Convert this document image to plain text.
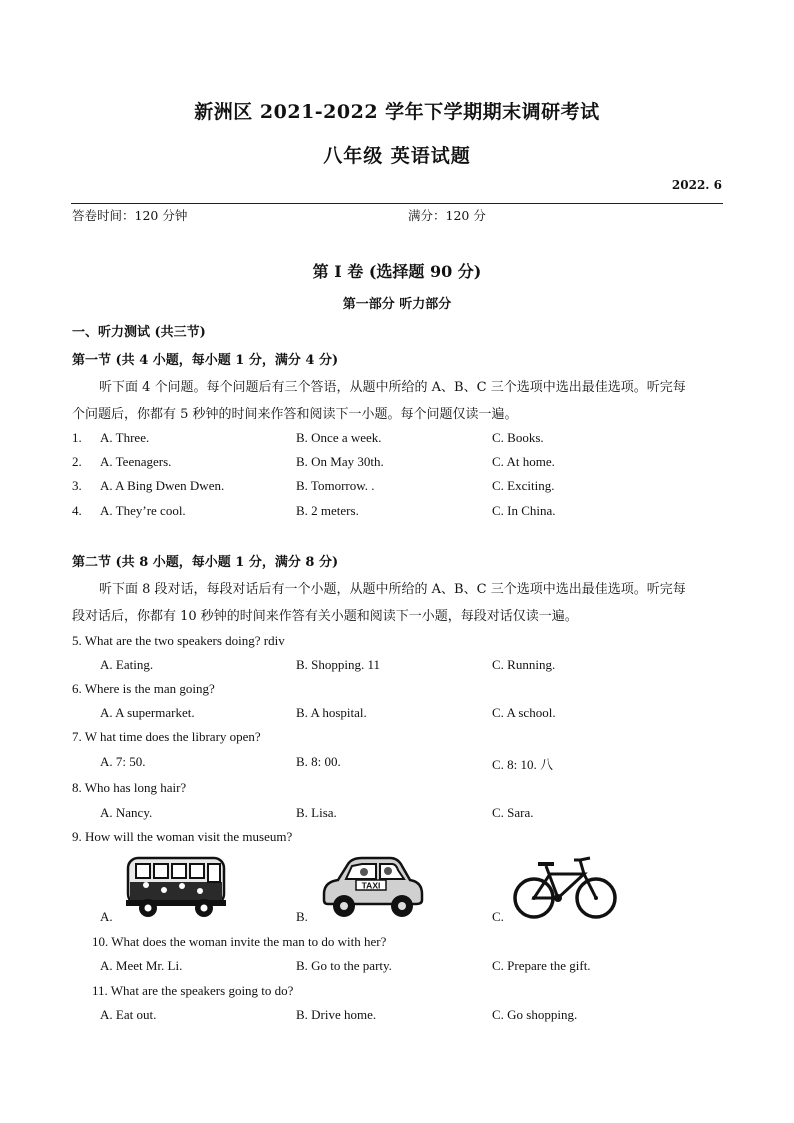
新洲区 2021-2022 学年下学期期末调研考试
八年级 英语试题
2022. 6
答卷时间：120 分钟	满分：120 分
第 I 卷 (选择题 90 分)
第一部分 听力部分
一、听力测试 (共三节)
第一节 (共 4 小题，每小题 1 分，满分 4 分)
听下面 4 个问题。每个问题后有三个答语，从题中所给的 A、B、C 三个选项中选出最佳选项。听完每
个问题后，你都有 5 秒钟的时间来作答和阅读下一小题。每个问题仅读一遍。
1. A. Three.	B. Once a week.	C. Books.
2. A. Teenagers.	B. On May 30th.	C. At home.
3. A. A Bing Dwen Dwen.	B. Tomorrow. .	C. Exciting.
4. A. They’re cool.	B. 2 meters.	C. In China.
第二节 (共 8 小题，每小题 1 分，满分 8 分)
听下面 8 段对话，每段对话后有一个小题，从题中所给的 A、B、C 三个选项中选出最佳选项。听完每
段对话后，你都有 10 秒钟的时间来作答有关小题和阅读下一小题，每段对话仅读一遍。
5. What are the two speakers doing? rdiv
A. Eating.	B. Shopping. 11	C. Running.
6. Where is the man going?
A. A supermarket.	B. A hospital.	C. A school.
7. W hat time does the library open?
A. 7: 50.	B. 8: 00.	C. 8: 10. 八
8. Who has long hair?
A. Nancy.	B. Lisa.	C. Sara.
9. How will the woman visit the museum?
A.	B.	C.
TAXI
10. What does the woman invite the man to do with her?
A. Meet Mr. Li.	B. Go to the party.	C. Prepare the gift.
11. What are the speakers going to do?
A. Eat out.	B. Drive home.	C. Go shopping.
